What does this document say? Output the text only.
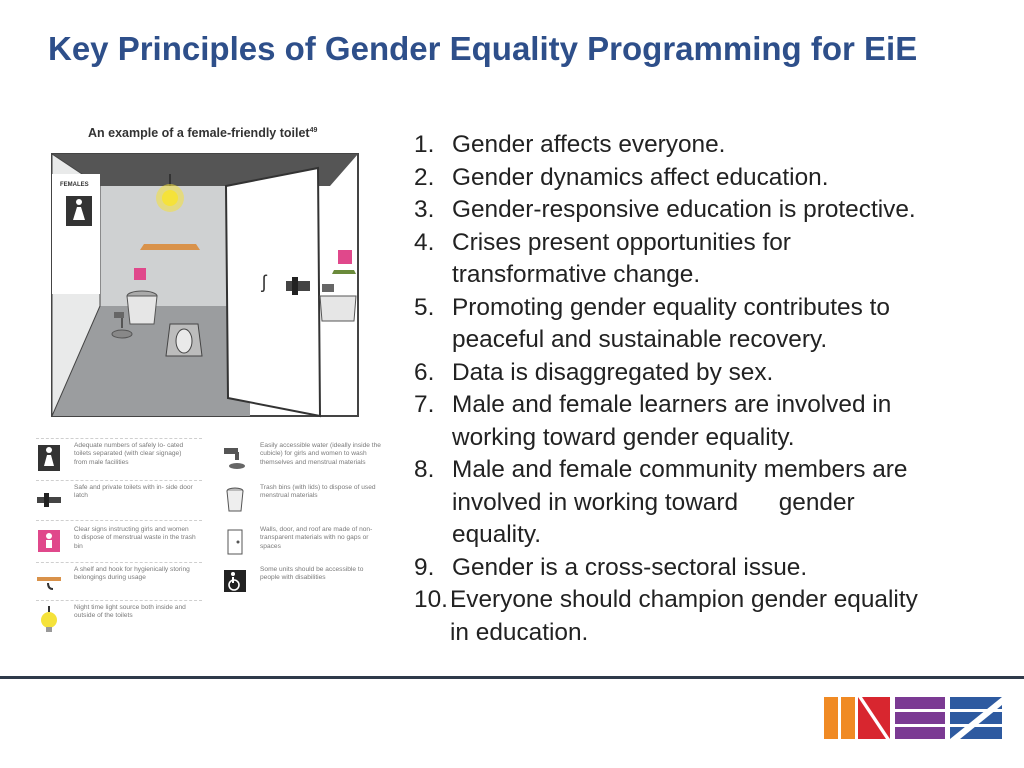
Key Principles of Gender Equality Programming for EiE
An example of a female-friendly toilet$^{49}$
FEMALES
ʃ
Adequate numbers of safely lo- cated toilets separated (with clear signage) from male facilities
Safe and private toilets with in- side door latch
Clear signs instructing girls and women to dispose of menstrual waste in the trash bin
A shelf and hook for hygienically storing belongings during usage
Night time light source both inside and outside of the toilets
Easily accessible water (ideally inside the cubicle) for girls and women to wash themselves and menstrual materials
Trash bins (with lids) to dispose of used menstrual materials
Walls, door, and roof are made of non-transparent materials with no gaps or spaces
Some units should be accessible to people with disabilities
1. Gender affects everyone.
2. Gender dynamics affect education.
3. Gender-responsive education is protective.
4. Crises present opportunities for
transformative change.
5. Promoting gender equality contributes to
peaceful and sustainable recovery.
6. Data is disaggregated by sex.
7. Male and female learners are involved in
working toward gender equality.
8. Male and female community members are
involved in working toward      gender
equality.
9. Gender is a cross-sectoral issue.
10. Everyone should champion gender equality
in education.
